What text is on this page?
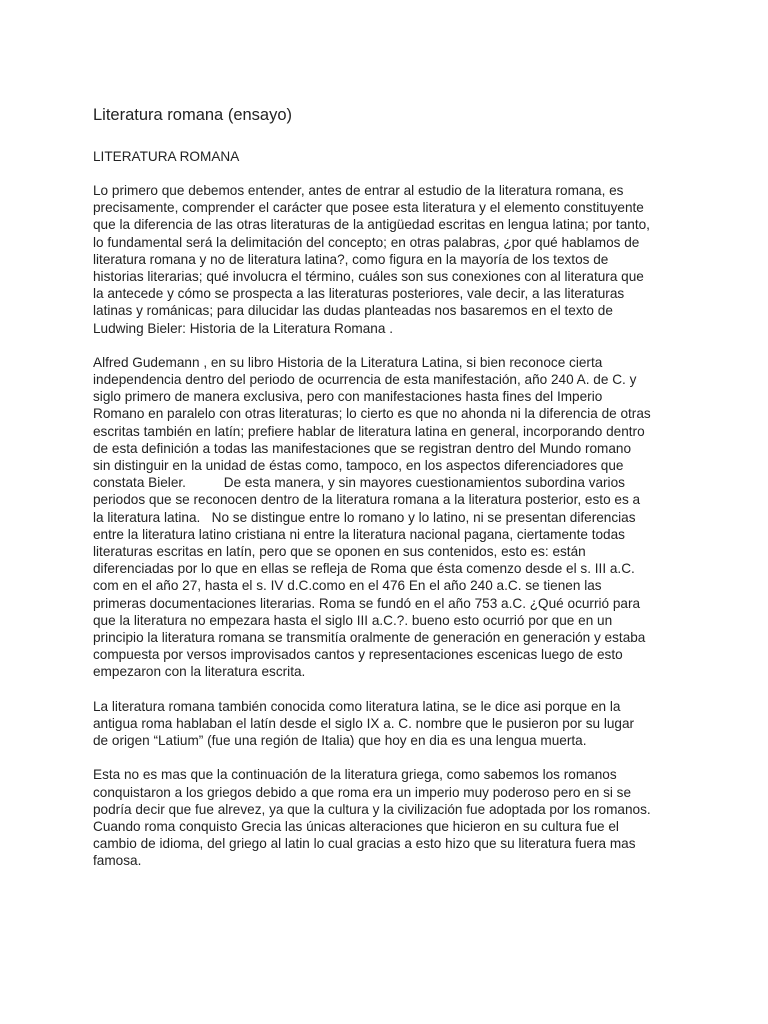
Literatura romana (ensayo)
LITERATURA ROMANA
Lo primero que debemos entender, antes de entrar al estudio de la literatura romana, es
precisamente, comprender el carácter que posee esta literatura y el elemento constituyente
que la diferencia de las otras literaturas de la antigüedad escritas en lengua latina; por tanto,
lo fundamental será la delimitación del concepto; en otras palabras, ¿por qué hablamos de
literatura romana y no de literatura latina?, como figura en la mayoría de los textos de
historias literarias; qué involucra el término, cuáles son sus conexiones con al literatura que
la antecede y cómo se prospecta a las literaturas posteriores, vale decir, a las literaturas
latinas y románicas; para dilucidar las dudas planteadas nos basaremos en el texto de
Ludwing Bieler: Historia de la Literatura Romana .
Alfred Gudemann , en su libro Historia de la Literatura Latina, si bien reconoce cierta
independencia dentro del periodo de ocurrencia de esta manifestación, año 240 A. de C. y
siglo primero de manera exclusiva, pero con manifestaciones hasta fines del Imperio
Romano en paralelo con otras literaturas; lo cierto es que no ahonda ni la diferencia de otras
escritas también en latín; prefiere hablar de literatura latina en general, incorporando dentro
de esta definición a todas las manifestaciones que se registran dentro del Mundo romano
sin distinguir en la unidad de éstas como, tampoco, en los aspectos diferenciadores que
constata Bieler.          De esta manera, y sin mayores cuestionamientos subordina varios
periodos que se reconocen dentro de la literatura romana a la literatura posterior, esto es a
la literatura latina.   No se distingue entre lo romano y lo latino, ni se presentan diferencias
entre la literatura latino cristiana ni entre la literatura nacional pagana, ciertamente todas
literaturas escritas en latín, pero que se oponen en sus contenidos, esto es: están
diferenciadas por lo que en ellas se refleja de Roma que ésta comenzo desde el s. III a.C.
com en el año 27, hasta el s. IV d.C.como en el 476 En el año 240 a.C. se tienen las
primeras documentaciones literarias. Roma se fundó en el año 753 a.C. ¿Qué ocurrió para
que la literatura no empezara hasta el siglo III a.C.?. bueno esto ocurrió por que en un
principio la literatura romana se transmitía oralmente de generación en generación y estaba
compuesta por versos improvisados cantos y representaciones escenicas luego de esto
empezaron con la literatura escrita.
La literatura romana también conocida como literatura latina, se le dice asi porque en la
antigua roma hablaban el latín desde el siglo IX a. C. nombre que le pusieron por su lugar
de origen “Latium” (fue una región de Italia) que hoy en dia es una lengua muerta.
Esta no es mas que la continuación de la literatura griega, como sabemos los romanos
conquistaron a los griegos debido a que roma era un imperio muy poderoso pero en si se
podría decir que fue alrevez, ya que la cultura y la civilización fue adoptada por los romanos.
Cuando roma conquisto Grecia las únicas alteraciones que hicieron en su cultura fue el
cambio de idioma, del griego al latin lo cual gracias a esto hizo que su literatura fuera mas
famosa.
